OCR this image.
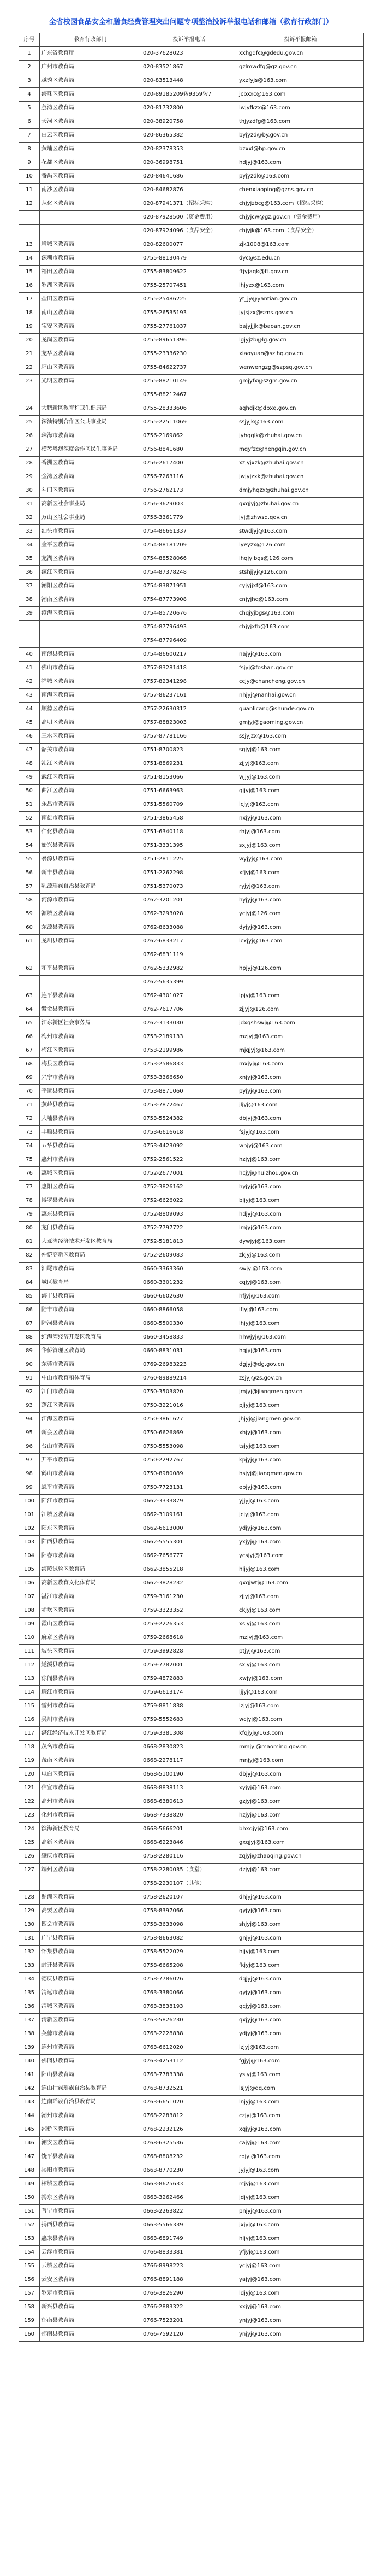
全省校园食品安全和膳食经费管理突出问题专项整治投诉举报电话和邮箱（教育行政部门）
序号	教育行政部门	投诉举报电话	投诉举报邮箱
1	广东省教育厅	020-37628023	xxhgqfc@gdedu.gov.cn
2	广州市教育局	020-83521867	gzlmwdfg@gz.gov.cn
3	越秀区教育局	020-83513448	yxzfyjs@163.com
4	海珠区教育局	020-89185209转9359转7	jcbxxc@163.com
5	荔湾区教育局	020-81732800	lwjyfkzx@163.com
6	天河区教育局	020-38920758	thjyzdfg@163.com
7	白云区教育局	020-86365382	byjyzd@by.gov.cn
8	黄埔区教育局	020-82378353	bzxxl@hp.gov.cn
9	花都区教育局	020-36998751	hdjyj@163.com
10	番禺区教育局	020-84641686	pyjyzdk@163.com
11	南沙区教育局	020-84682876	chenxiaoping@gzns.gov.cn
12	从化区教育局	020-87941371（招标采购）	chjyjzbcg@163.com（招标采购）
		020-87928500（资金费用）	chjyjcw@gz.gov.cn（资金费用）
		020-87924096（食品安全）	chjyjk@163.com（食品安全）
13	增城区教育局	020-82600077	zjk1008@163.com
14	深圳市教育局	0755-88130479	dyc@sz.edu.cn
15	福田区教育局	0755-83809622	ftjyjaqk@ft.gov.cn
16	罗湖区教育局	0755-25707451	lhjyzx@163.com
17	盐田区教育局	0755-25486225	yt_jy@yantian.gov.cn
18	南山区教育局	0755-26535193	jyjsjzx@szns.gov.cn
19	宝安区教育局	0755-27761037	bajyjjjk@baoan.gov.cn
20	龙岗区教育局	0755-89651396	lgjyjzb@lg.gov.cn
21	龙华区教育局	0755-23336230	xiaoyuan@szlhq.gov.cn
22	坪山区教育局	0755-84622737	wenwengzg@szpsq.gov.cn
23	光明区教育局	0755-88210149	gmjyfx@szgm.gov.cn
		0755-88212467	
24	大鹏新区教育和卫生健康局	0755-28333606	aqhdjk@dpxq.gov.cn
25	深汕特别合作区公共事业局	0755-22511069	ssjyjk@163.com
26	珠海市教育局	0756-2169862	jyhqglk@zhuhai.gov.cn
27	横琴粤澳深度合作区民生事务局	0756-8841680	mqyfzc@hengqin.gov.cn
28	香洲区教育局	0756-2617400	xzjyjxzk@zhuhai.gov.cn
29	金湾区教育局	0756-7263116	jwjyjzxk@zhuhai.gov.cn
30	斗门区教育局	0756-2762173	dmjyhqzx@zhuhai.gov.cn
31	高新区社会事业局	0756-3629003	gxqjyj@zhuhai.gov.cn
32	万山区社会事业局	0756-3361779	jyj@zhwsq.gov.cn
33	汕头市教育局	0754-86661337	stwdjyj@163.com
34	金平区教育局	0754-88181209	lyeyzx@126.com
35	龙湖区教育局	0754-88528066	lhqjyjbgs@126.com
36	濠江区教育局	0754-87378248	stshjjyj@126.com
37	潮阳区教育局	0754-83871951	cyjyjjxf@163.com
38	潮南区教育局	0754-87773908	cnjyjhq@163.com
39	澄海区教育局	0754-85720676	chqjyjbgs@163.com
		0754-87796493	chjyjxfb@163.com
		0754-87796409	
40	南澳县教育局	0754-86600217	najyj@163.com
41	佛山市教育局	0757-83281418	fsjyj@foshan.gov.cn
42	禅城区教育局	0757-82341298	ccjy@chancheng.gov.cn
43	南海区教育局	0757-86237161	nhjyj@nanhai.gov.cn
44	顺德区教育局	0757-22630312	guanlicang@shunde.gov.cn
45	高明区教育局	0757-88823003	gmjyj@gaoming.gov.cn
46	三水区教育局	0757-87781166	ssjyjzx@163.com
47	韶关市教育局	0751-8700823	sgjyj@163.com
48	浈江区教育局	0751-8869231	zjjyj@163.com
49	武江区教育局	0751-8153066	wjjyj@163.com
50	曲江区教育局	0751-6663963	qjjyj@163.com
51	乐昌市教育局	0751-5560709	lcjyj@163.com
52	南雄市教育局	0751-3865458	nxjyj@163.com
53	仁化县教育局	0751-6340118	rhjyj@163.com
54	始兴县教育局	0751-3331395	sxjyj@163.com
55	翁源县教育局	0751-2811225	wyjyj@163.com
56	新丰县教育局	0751-2262298	xfjyj@163.com
57	乳源瑶族自治县教育局	0751-5370073	ryjyj@163.com
58	河源市教育局	0762-3201201	hyjyj@163.com
59	源城区教育局	0762-3293028	ycjyj@126.com
60	东源县教育局	0762-8633088	dyjyj@163.com
61	龙川县教育局	0762-6833217	lcxjyj@163.com
		0762-6831119	
62	和平县教育局	0762-5332982	hpjyj@126.com
		0762-5635399	
63	连平县教育局	0762-4301027	lpjyj@163.com
64	紫金县教育局	0762-7617706	zjjyj@126.com
65	江东新区社会事务局	0762-3133030	jdxqshswj@163.com
66	梅州市教育局	0753-2189133	mzjyj@163.com
67	梅江区教育局	0753-2199986	mjqjyj@163.com
68	梅县区教育局	0753-2586833	mxjyj@163.com
69	兴宁市教育局	0753-3366650	xnjyj@163.com
70	平远县教育局	0753-8871060	pyjyj@163.com
71	蕉岭县教育局	0753-7872467	jljyj@163.com
72	大埔县教育局	0753-5524382	dbjyj@163.com
73	丰顺县教育局	0753-6616618	fsjyj@163.com
74	五华县教育局	0753-4423092	whjyj@163.com
75	惠州市教育局	0752-2561522	hzjyj@163.com
76	惠城区教育局	0752-2677001	hcjyj@huizhou.gov.cn
77	惠阳区教育局	0752-3826162	hyjyj@163.com
78	博罗县教育局	0752-6626022	bljyj@163.com
79	惠东县教育局	0752-8809093	hdjyj@163.com
80	龙门县教育局	0752-7797722	lmjyj@163.com
81	大亚湾经济技术开发区教育局	0752-5181813	dywjyj@163.com
82	仲恺高新区教育局	0752-2609083	zkjyj@163.com
83	汕尾市教育局	0660-3363360	swjyj@163.com
84	城区教育局	0660-3301232	cqjyj@163.com
85	海丰县教育局	0660-6602630	hfjyj@163.com
86	陆丰市教育局	0660-8866058	lfjyj@163.com
87	陆河县教育局	0660-5500330	lhjyj@163.com
88	红海湾经济开发区教育局	0660-3458833	hhwjyj@163.com
89	华侨管理区教育局	0660-8831031	hqjyj@163.com
90	东莞市教育局	0769-26983223	dgjyj@dg.gov.cn
91	中山市教育和体育局	0760-89889214	zsjyj@zs.gov.cn
92	江门市教育局	0750-3503820	jmjyj@jiangmen.gov.cn
93	蓬江区教育局	0750-3221016	pjjyj@163.com
94	江海区教育局	0750-3861627	jhjyj@jiangmen.gov.cn
95	新会区教育局	0750-6626869	xhjyj@163.com
96	台山市教育局	0750-5553098	tsjyj@163.com
97	开平市教育局	0750-2292767	kpjyj@163.com
98	鹤山市教育局	0750-8980089	hsjyj@jiangmen.gov.cn
99	恩平市教育局	0750-7723131	epjyj@163.com
100	阳江市教育局	0662-3333879	yjjyj@163.com
101	江城区教育局	0662-3109161	jcjyj@163.com
102	阳东区教育局	0662-6613000	ydjyj@163.com
103	阳西县教育局	0662-5555301	yxjyj@163.com
104	阳春市教育局	0662-7656777	ycsjyj@163.com
105	海陵试验区教育局	0662-3855218	hljyj@163.com
106	高新区教育文化体育局	0662-3828232	gxqjwtj@163.com
107	湛江市教育局	0759-3161230	zjjyj@163.com
108	赤坎区教育局	0759-3323352	ckjyj@163.com
109	霞山区教育局	0759-2226353	xsjyj@163.com
110	麻章区教育局	0759-2668618	mzjyj@163.com
111	坡头区教育局	0759-3992828	ptjyj@163.com
112	遂溪县教育局	0759-7782001	sxjyj@163.com
113	徐闻县教育局	0759-4872883	xwjyj@163.com
114	廉江市教育局	0759-6613174	ljjyj@163.com
115	雷州市教育局	0759-8811838	lzjyj@163.com
116	吴川市教育局	0759-5552683	wcjyj@163.com
117	湛江经济技术开发区教育局	0759-3381308	kfqjyj@163.com
118	茂名市教育局	0668-2830823	mmjyj@maoming.gov.cn
119	茂南区教育局	0668-2278117	mnjyj@163.com
120	电白区教育局	0668-5100190	dbjyj@163.com
121	信宜市教育局	0668-8838113	xyjyj@163.com
122	高州市教育局	0668-6380613	gzjyj@163.com
123	化州市教育局	0668-7338820	hzjyj@163.com
124	滨海新区教育局	0668-5666201	bhxqjyj@163.com
125	高新区教育局	0668-6223846	gxqjyj@163.com
126	肇庆市教育局	0758-2280116	zqjyj@zhaoqing.gov.cn
127	端州区教育局	0758-2280035（食堂）	dzjyj@163.com
		0758-2230107（其他）	
128	鼎湖区教育局	0758-2620107	dhjyj@163.com
129	高要区教育局	0758-8397066	gyjyj@163.com
130	四会市教育局	0758-3633098	shjyj@163.com
131	广宁县教育局	0758-8663082	gnjyj@163.com
132	怀集县教育局	0758-5522029	hjjyj@163.com
133	封开县教育局	0758-6665208	fkjyj@163.com
134	德庆县教育局	0758-7786026	dqjyj@163.com
135	清远市教育局	0763-3380066	qyjyj@163.com
136	清城区教育局	0763-3838193	qcjyj@163.com
137	清新区教育局	0763-5826230	qxjyj@163.com
138	英德市教育局	0763-2228838	ydjyj@163.com
139	连州市教育局	0763-6612020	lzjyj@163.com
140	佛冈县教育局	0763-4253112	fgjyj@163.com
141	阳山县教育局	0763-7783338	ysjyj@163.com
142	连山壮族瑶族自治县教育局	0763-8732521	lsjyj@qq.com
143	连南瑶族自治县教育局	0763-6651020	lnjyj@163.com
144	潮州市教育局	0768-2283812	czjyj@163.com
145	湘桥区教育局	0768-2232126	xqjyj@163.com
146	潮安区教育局	0768-6325536	cajyj@163.com
147	饶平县教育局	0768-8808232	rpjyj@163.com
148	揭阳市教育局	0663-8770230	jyjyj@163.com
149	榕城区教育局	0663-8625633	rcjyj@163.com
150	揭东区教育局	0663-3262466	jdjyj@163.com
151	普宁市教育局	0663-2263822	pnjyj@163.com
152	揭西县教育局	0663-5566339	jxjyj@163.com
153	惠来县教育局	0663-6891749	hljyj@163.com
154	云浮市教育局	0766-8833381	yfjyj@163.com
155	云城区教育局	0766-8998223	ycjyj@163.com
156	云安区教育局	0766-8891188	yajyj@163.com
157	罗定市教育局	0766-3826290	ldjyj@163.com
158	新兴县教育局	0766-2883322	xxjyj@163.com
159	郁南县教育局	0766-7523201	ynjyj@163.com
160	郁南县教育局	0766-7592120	ynjyj@163.com
